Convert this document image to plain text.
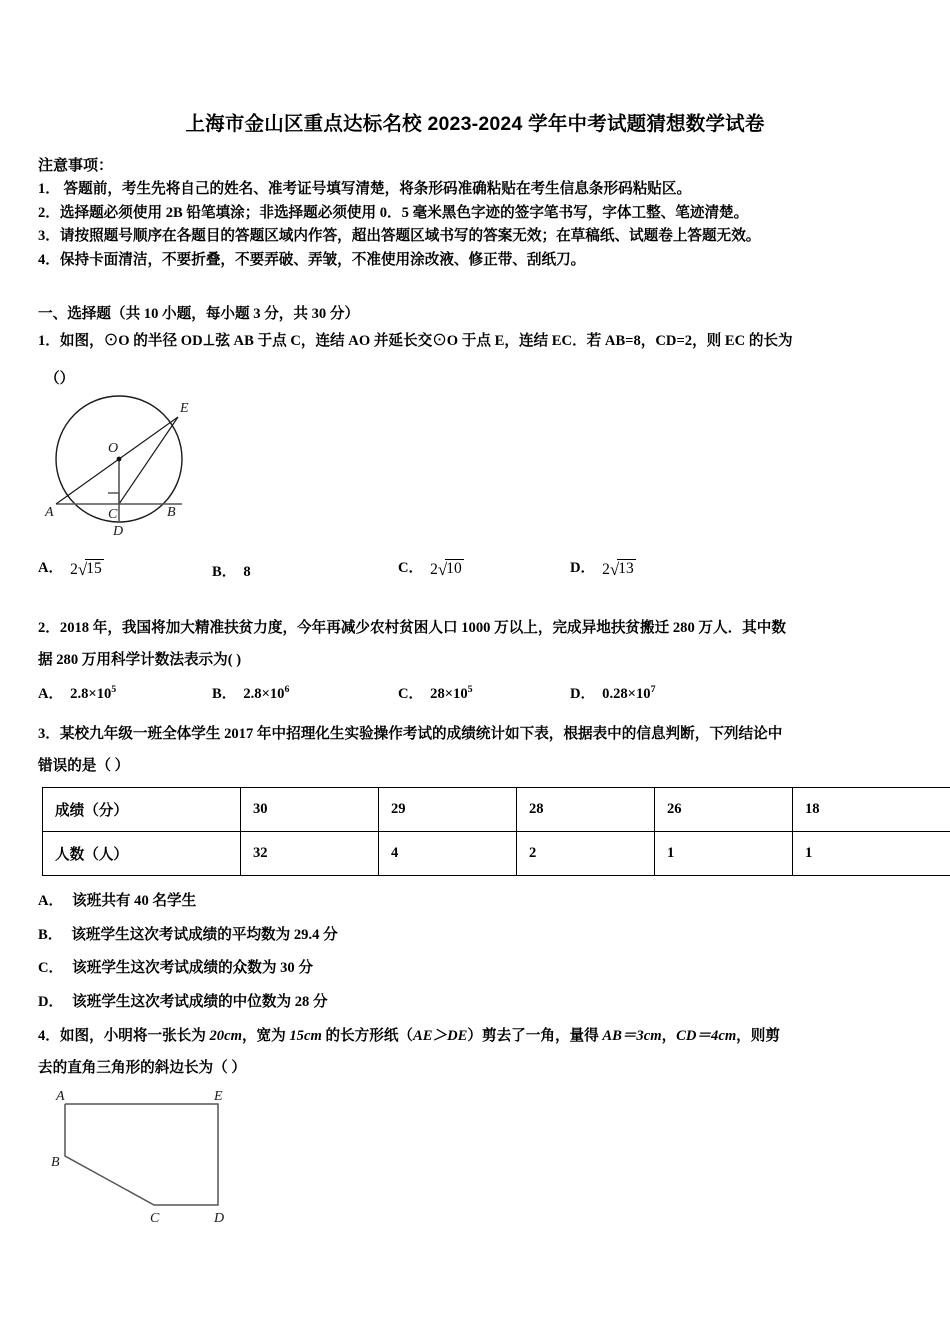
上海市金山区重点达标名校 2023-2024 学年中考试题猜想数学试卷
注意事项：
1． 答题前，考生先将自己的姓名、准考证号填写清楚，将条形码准确粘贴在考生信息条形码粘贴区。
2．选择题必须使用 2B 铅笔填涂；非选择题必须使用 0．5 毫米黑色字迹的签字笔书写，字体工整、笔迹清楚。
3．请按照题号顺序在各题目的答题区域内作答，超出答题区域书写的答案无效；在草稿纸、试题卷上答题无效。
4．保持卡面清洁，不要折叠，不要弄破、弄皱，不准使用涂改液、修正带、刮纸刀。
一、选择题（共 10 小题，每小题 3 分，共 30 分）
1．如图，⊙O 的半径 OD⊥弦 AB 于点 C，连结 AO 并延长交⊙O 于点 E，连结 EC．若 AB=8，CD=2，则 EC 的长为
（）
O
E
A	C	B
D
A． 2√15	B． 8	C． 2√10	D． 2√13
2．2018 年，我国将加大精准扶贫力度，今年再减少农村贫困人口 1000 万以上，完成异地扶贫搬迁 280 万人．其中数
据 280 万用科学计数法表示为( )
A． $2.8\times 10^5$	B． $2.8\times 10^6$	C． $28\times 10^5$	D． $0.28\times 10^7$
3．某校九年级一班全体学生 2017 年中招理化生实验操作考试的成绩统计如下表，根据表中的信息判断，下列结论中
错误的是（ ）
成绩（分）	30	29	28	26	18
人数（人）	32	4	2	1	1
A． 该班共有 40 名学生
B． 该班学生这次考试成绩的平均数为 29.4 分
C． 该班学生这次考试成绩的众数为 30 分
D． 该班学生这次考试成绩的中位数为 28 分
4．如图，小明将一张长为 20cm，宽为 15cm 的长方形纸（AE＞DE）剪去了一角，量得 AB＝3cm，CD＝4cm，则剪
去的直角三角形的斜边长为（ ）
A	E
B
C	D
